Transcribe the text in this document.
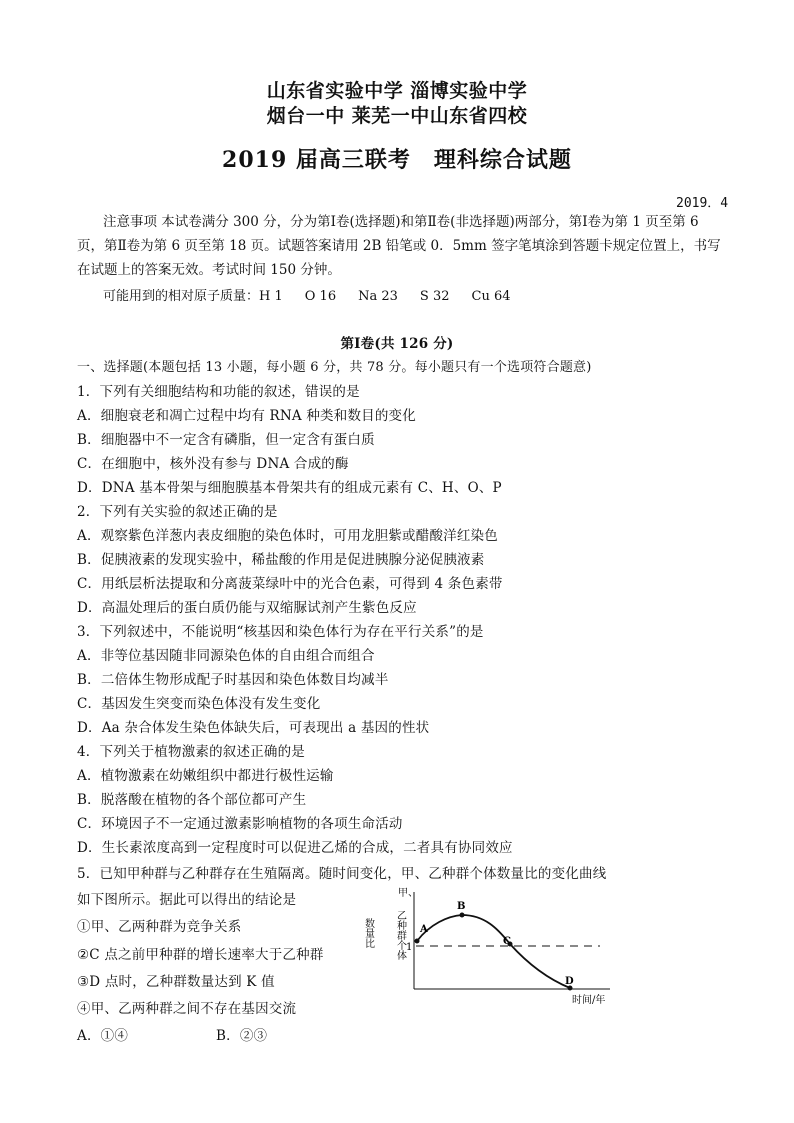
山东省实验中学 淄博实验中学
烟台一中 莱芜一中山东省四校
2019 届高三联考　理科综合试题
2019．4
注意事项 本试卷满分 300 分，分为第Ⅰ卷(选择题)和第Ⅱ卷(非选择题)两部分，第Ⅰ卷为第 1 页至第 6 页，第Ⅱ卷为第 6 页至第 18 页。试题答案请用 2B 铅笔或 0．5mm 签字笔填涂到答题卡规定位置上，书写在试题上的答案无效。考试时间 150 分钟。
可能用到的相对原子质量：H 1 O 16 Na 23 S 32 Cu 64
第Ⅰ卷(共 126 分)
一、选择题(本题包括 13 小题，每小题 6 分，共 78 分。每小题只有一个选项符合题意)
1．下列有关细胞结构和功能的叙述，错误的是
A．细胞衰老和凋亡过程中均有 RNA 种类和数目的变化
B．细胞器中不一定含有磷脂，但一定含有蛋白质
C．在细胞中，核外没有参与 DNA 合成的酶
D．DNA 基本骨架与细胞膜基本骨架共有的组成元素有 C、H、O、P
2．下列有关实验的叙述正确的是
A．观察紫色洋葱内表皮细胞的染色体时，可用龙胆紫或醋酸洋红染色
B．促胰液素的发现实验中，稀盐酸的作用是促进胰腺分泌促胰液素
C．用纸层析法提取和分离菠菜绿叶中的光合色素，可得到 4 条色素带
D．高温处理后的蛋白质仍能与双缩脲试剂产生紫色反应
3．下列叙述中，不能说明“核基因和染色体行为存在平行关系”的是
A．非等位基因随非同源染色体的自由组合而组合
B．二倍体生物形成配子时基因和染色体数目均减半
C．基因发生突变而染色体没有发生变化
D．Aa 杂合体发生染色体缺失后，可表现出 a 基因的性状
4．下列关于植物激素的叙述正确的是
A．植物激素在幼嫩组织中都进行极性运输
B．脱落酸在植物的各个部位都可产生
C．环境因子不一定通过激素影响植物的各项生命活动
D．生长素浓度高到一定程度时可以促进乙烯的合成，二者具有协同效应
5．已知甲种群与乙种群存在生殖隔离。随时间变化，甲、乙种群个体数量比的变化曲线
如下图所示。据此可以得出的结论是
①甲、乙两种群为竞争关系
②C 点之前甲种群的增长速率大于乙种群
③D 点时，乙种群数量达到 K 值
④甲、乙两种群之间不存在基因交流
A．①④	B．②③
甲、
数量比 乙种群个体 1
A
B
C
D
时间/年
